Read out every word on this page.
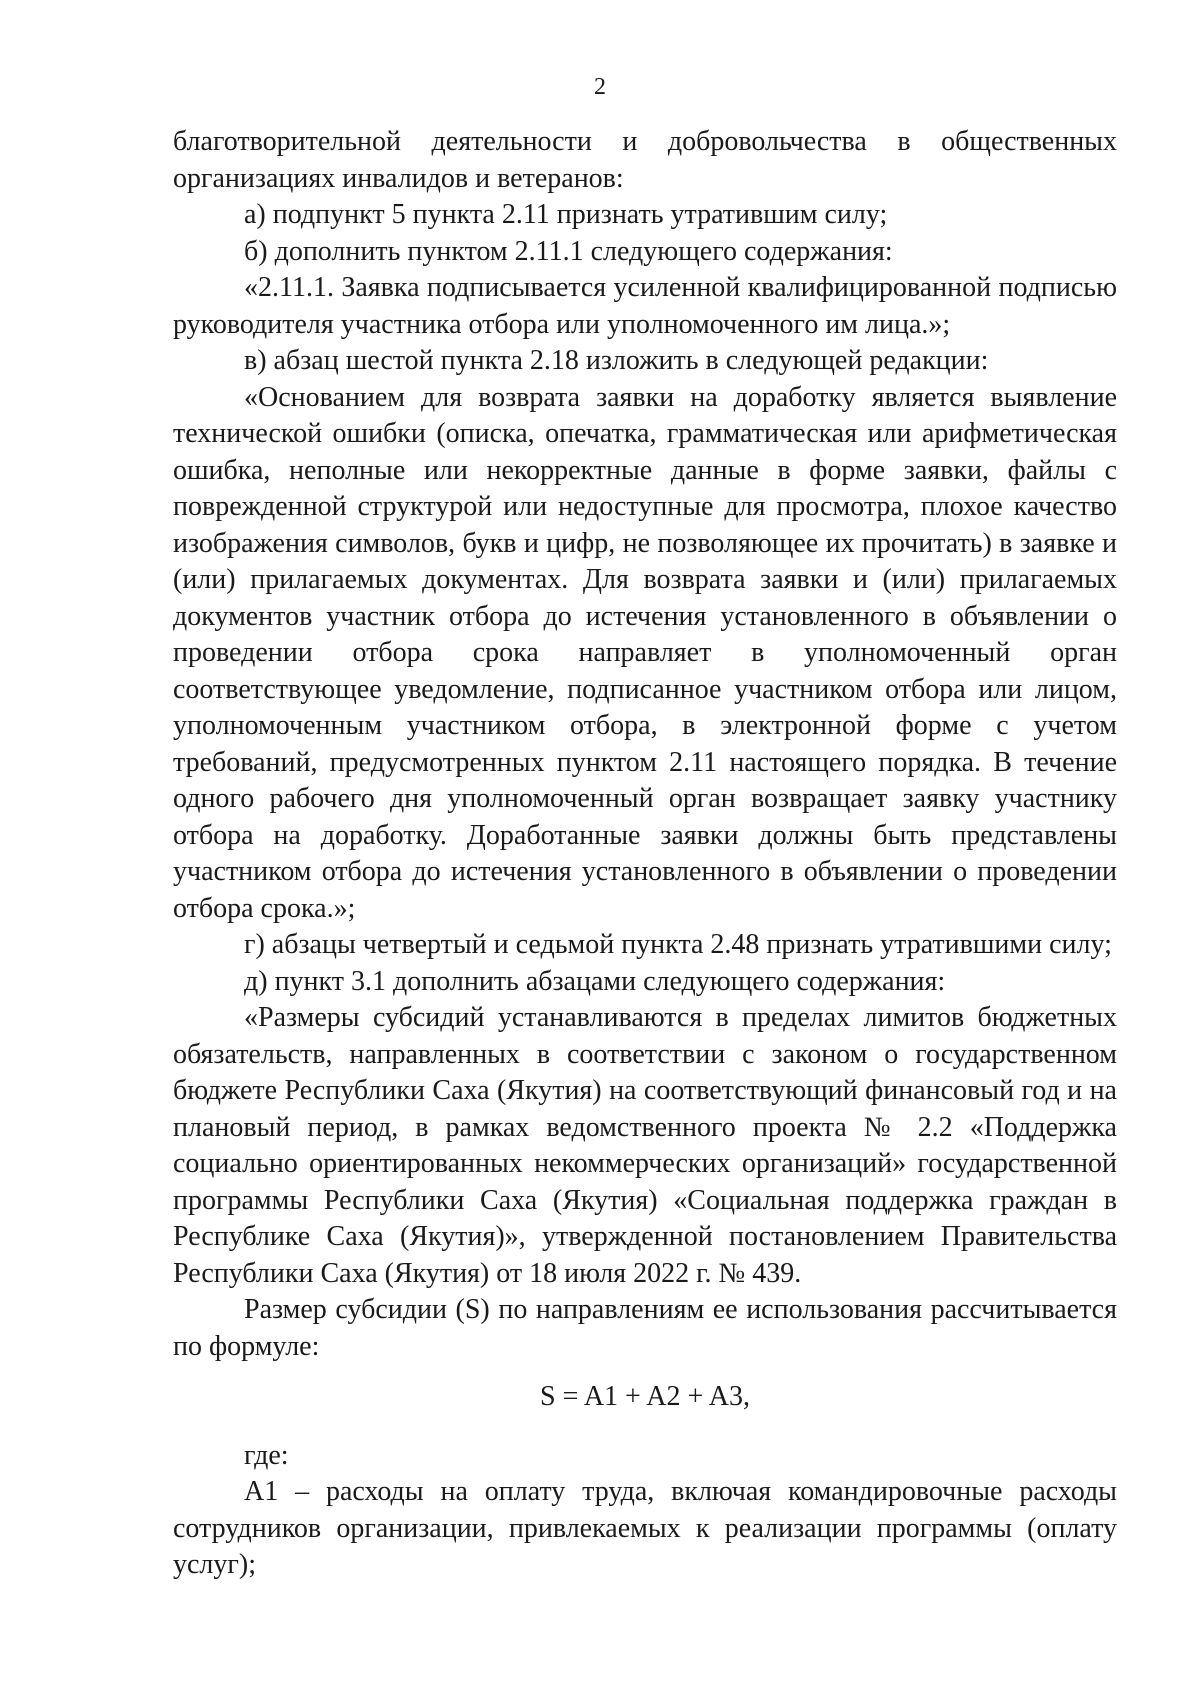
2

благотворительной деятельности и добровольчества в общественных организациях инвалидов и ветеранов:

а) подпункт 5 пункта 2.11 признать утратившим силу;

б) дополнить пунктом 2.11.1 следующего содержания:

«2.11.1. Заявка подписывается усиленной квалифицированной подписью руководителя участника отбора или уполномоченного им лица.»;

в) абзац шестой пункта 2.18 изложить в следующей редакции:

«Основанием для возврата заявки на доработку является выявление технической ошибки (описка, опечатка, грамматическая или арифметическая ошибка, неполные или некорректные данные в форме заявки, файлы с поврежденной структурой или недоступные для просмотра, плохое качество изображения символов, букв и цифр, не позволяющее их прочитать) в заявке и (или) прилагаемых документах. Для возврата заявки и (или) прилагаемых документов участник отбора до истечения установленного в объявлении о проведении отбора срока направляет в уполномоченный орган соответствующее уведомление, подписанное участником отбора или лицом, уполномоченным участником отбора, в электронной форме с учетом требований, предусмотренных пунктом 2.11 настоящего порядка. В течение одного рабочего дня уполномоченный орган возвращает заявку участнику отбора на доработку. Доработанные заявки должны быть представлены участником отбора до истечения установленного в объявлении о проведении отбора срока.»;

г) абзацы четвертый и седьмой пункта 2.48 признать утратившими силу;

д) пункт 3.1 дополнить абзацами следующего содержания:

«Размеры субсидий устанавливаются в пределах лимитов бюджетных обязательств, направленных в соответствии с законом о государственном бюджете Республики Саха (Якутия) на соответствующий финансовый год и на плановый период, в рамках ведомственного проекта № 2.2 «Поддержка социально ориентированных некоммерческих организаций» государственной программы Республики Саха (Якутия) «Социальная поддержка граждан в Республике Саха (Якутия)», утвержденной постановлением Правительства Республики Саха (Якутия) от 18 июля 2022 г. № 439.

Размер субсидии (S) по направлениям ее использования рассчитывается по формуле:

S = A1 + A2 + A3,

где:

А1 – расходы на оплату труда, включая командировочные расходы сотрудников организации, привлекаемых к реализации программы (оплату услуг);
